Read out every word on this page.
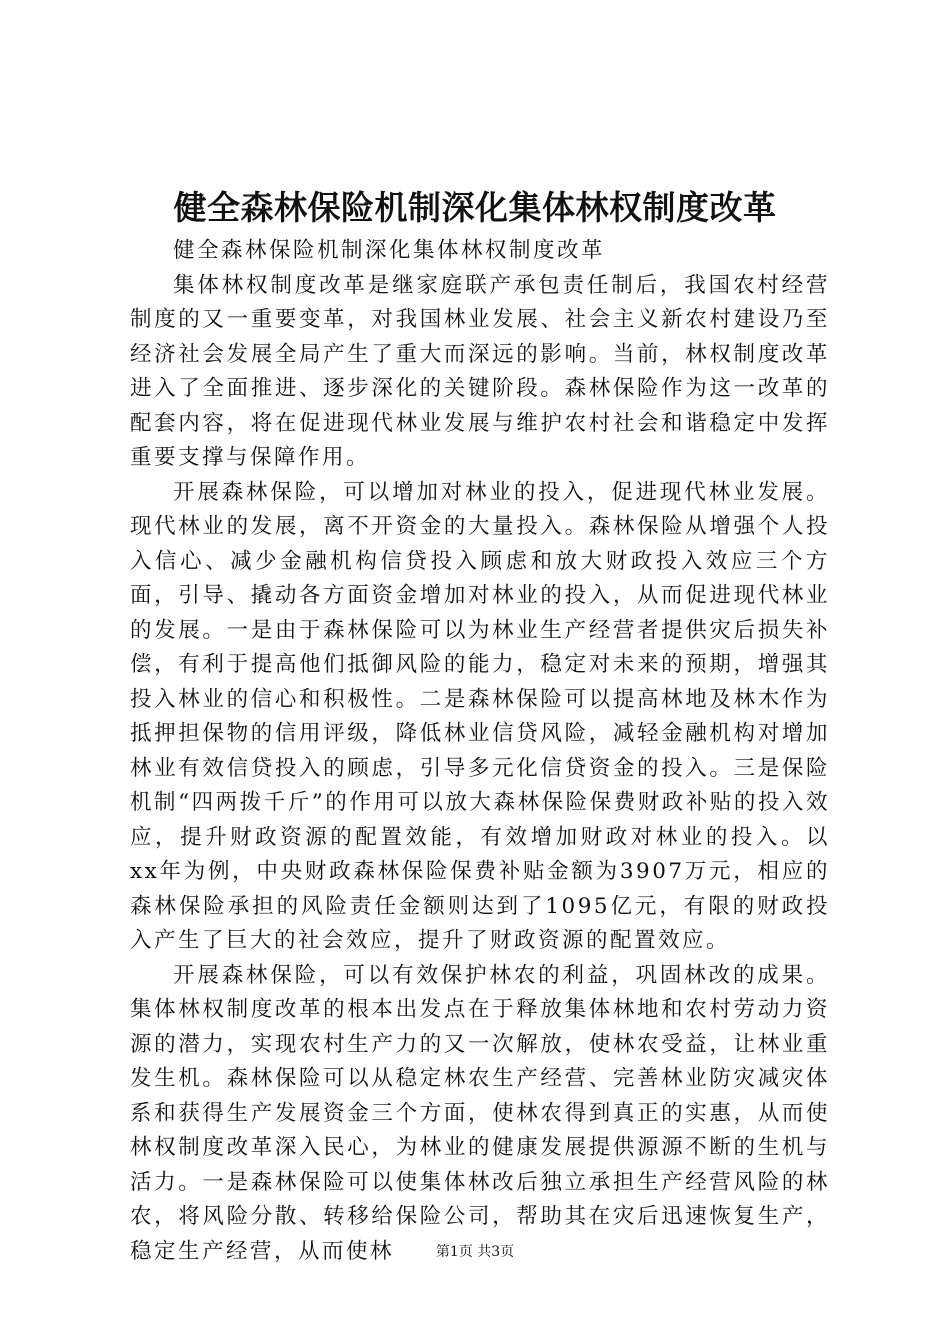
健全森林保险机制深化集体林权制度改革

健全森林保险机制深化集体林权制度改革

集体林权制度改革是继家庭联产承包责任制后，我国农村经营制度的又一重要变革，对我国林业发展、社会主义新农村建设乃至经济社会发展全局产生了重大而深远的影响。当前，林权制度改革进入了全面推进、逐步深化的关键阶段。森林保险作为这一改革的配套内容，将在促进现代林业发展与维护农村社会和谐稳定中发挥重要支撑与保障作用。

开展森林保险，可以增加对林业的投入，促进现代林业发展。现代林业的发展，离不开资金的大量投入。森林保险从增强个人投入信心、减少金融机构信贷投入顾虑和放大财政投入效应三个方面，引导、撬动各方面资金增加对林业的投入，从而促进现代林业的发展。一是由于森林保险可以为林业生产经营者提供灾后损失补偿，有利于提高他们抵御风险的能力，稳定对未来的预期，增强其投入林业的信心和积极性。二是森林保险可以提高林地及林木作为抵押担保物的信用评级，降低林业信贷风险，减轻金融机构对增加林业有效信贷投入的顾虑，引导多元化信贷资金的投入。三是保险机制“四两拨千斤”的作用可以放大森林保险保费财政补贴的投入效应，提升财政资源的配置效能，有效增加财政对林业的投入。以xx年为例，中央财政森林保险保费补贴金额为3907万元，相应的森林保险承担的风险责任金额则达到了1095亿元，有限的财政投入产生了巨大的社会效应，提升了财政资源的配置效应。

开展森林保险，可以有效保护林农的利益，巩固林改的成果。集体林权制度改革的根本出发点在于释放集体林地和农村劳动力资源的潜力，实现农村生产力的又一次解放，使林农受益，让林业重发生机。森林保险可以从稳定林农生产经营、完善林业防灾减灾体系和获得生产发展资金三个方面，使林农得到真正的实惠，从而使林权制度改革深入民心，为林业的健康发展提供源源不断的生机与活力。一是森林保险可以使集体林改后独立承担生产经营风险的林农，将风险分散、转移给保险公司，帮助其在灾后迅速恢复生产，稳定生产经营，从而使林	第1页 共3页
